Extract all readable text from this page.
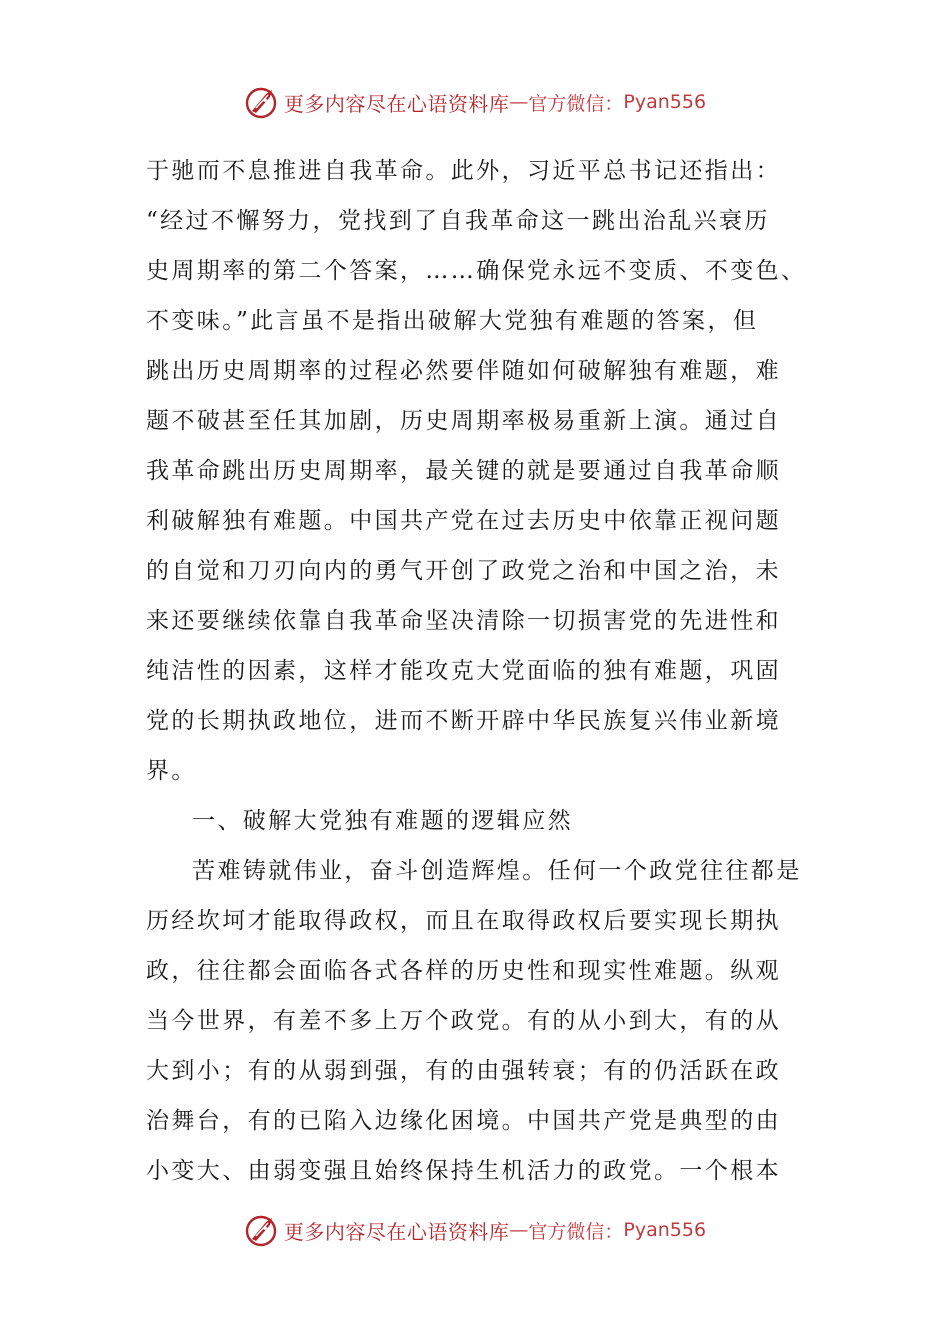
更多内容尽在心语资料库 — 官方微信： Pyan556
于驰而不息推进自我革命。此外，习近平总书记还指出：
“经过不懈努力，党找到了自我革命这一跳出治乱兴衰历
史周期率的第二个答案，……确保党永远不变质、不变色、
不变味。”此言虽不是指出破解大党独有难题的答案，但
跳出历史周期率的过程必然要伴随如何破解独有难题，难
题不破甚至任其加剧，历史周期率极易重新上演。通过自
我革命跳出历史周期率，最关键的就是要通过自我革命顺
利破解独有难题。中国共产党在过去历史中依靠正视问题
的自觉和刀刃向内的勇气开创了政党之治和中国之治，未
来还要继续依靠自我革命坚决清除一切损害党的先进性和
纯洁性的因素，这样才能攻克大党面临的独有难题，巩固
党的长期执政地位，进而不断开辟中华民族复兴伟业新境
界。
一、破解大党独有难题的逻辑应然
苦难铸就伟业，奋斗创造辉煌。任何一个政党往往都是
历经坎坷才能取得政权，而且在取得政权后要实现长期执
政，往往都会面临各式各样的历史性和现实性难题。纵观
当今世界，有差不多上万个政党。有的从小到大，有的从
大到小；有的从弱到强，有的由强转衰；有的仍活跃在政
治舞台，有的已陷入边缘化困境。中国共产党是典型的由
小变大、由弱变强且始终保持生机活力的政党。一个根本
更多内容尽在心语资料库 — 官方微信： Pyan556
